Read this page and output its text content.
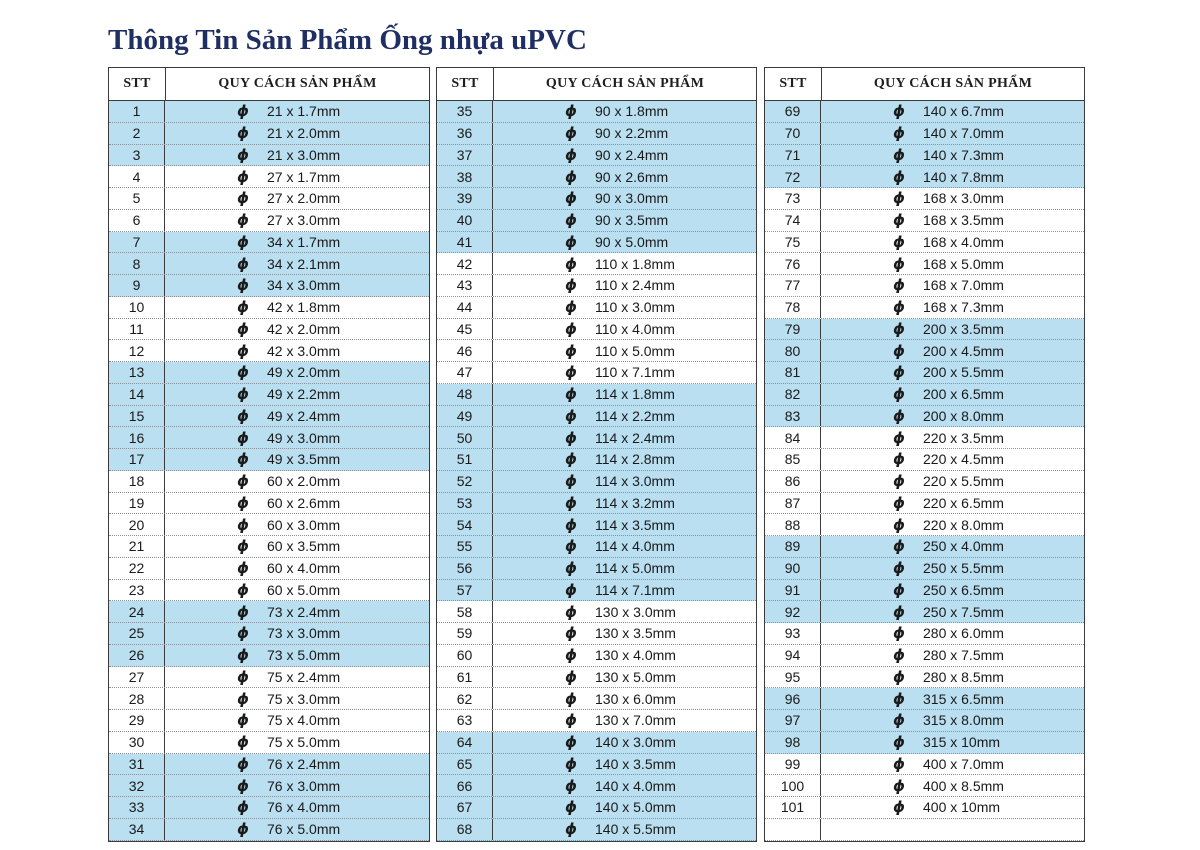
Thông Tin Sản Phẩm Ống nhựa uPVC
STT	QUY CÁCH SẢN PHẨM
1	ϕ	21 x 1.7mm
2	ϕ	21 x 2.0mm
3	ϕ	21 x 3.0mm
4	ϕ	27 x 1.7mm
5	ϕ	27 x 2.0mm
6	ϕ	27 x 3.0mm
7	ϕ	34 x 1.7mm
8	ϕ	34 x 2.1mm
9	ϕ	34 x 3.0mm
10	ϕ	42 x 1.8mm
11	ϕ	42 x 2.0mm
12	ϕ	42 x 3.0mm
13	ϕ	49 x 2.0mm
14	ϕ	49 x 2.2mm
15	ϕ	49 x 2.4mm
16	ϕ	49 x 3.0mm
17	ϕ	49 x 3.5mm
18	ϕ	60 x 2.0mm
19	ϕ	60 x 2.6mm
20	ϕ	60 x 3.0mm
21	ϕ	60 x 3.5mm
22	ϕ	60 x 4.0mm
23	ϕ	60 x 5.0mm
24	ϕ	73 x 2.4mm
25	ϕ	73 x 3.0mm
26	ϕ	73 x 5.0mm
27	ϕ	75 x 2.4mm
28	ϕ	75 x 3.0mm
29	ϕ	75 x 4.0mm
30	ϕ	75 x 5.0mm
31	ϕ	76 x 2.4mm
32	ϕ	76 x 3.0mm
33	ϕ	76 x 4.0mm
34	ϕ	76 x 5.0mm
STT	QUY CÁCH SẢN PHẨM
35	ϕ	90 x 1.8mm
36	ϕ	90 x 2.2mm
37	ϕ	90 x 2.4mm
38	ϕ	90 x 2.6mm
39	ϕ	90 x 3.0mm
40	ϕ	90 x 3.5mm
41	ϕ	90 x 5.0mm
42	ϕ	110 x 1.8mm
43	ϕ	110 x 2.4mm
44	ϕ	110 x 3.0mm
45	ϕ	110 x 4.0mm
46	ϕ	110 x 5.0mm
47	ϕ	110 x 7.1mm
48	ϕ	114 x 1.8mm
49	ϕ	114 x 2.2mm
50	ϕ	114 x 2.4mm
51	ϕ	114 x 2.8mm
52	ϕ	114 x 3.0mm
53	ϕ	114 x 3.2mm
54	ϕ	114 x 3.5mm
55	ϕ	114 x 4.0mm
56	ϕ	114 x 5.0mm
57	ϕ	114 x 7.1mm
58	ϕ	130 x 3.0mm
59	ϕ	130 x 3.5mm
60	ϕ	130 x 4.0mm
61	ϕ	130 x 5.0mm
62	ϕ	130 x 6.0mm
63	ϕ	130 x 7.0mm
64	ϕ	140 x 3.0mm
65	ϕ	140 x 3.5mm
66	ϕ	140 x 4.0mm
67	ϕ	140 x 5.0mm
68	ϕ	140 x 5.5mm
STT	QUY CÁCH SẢN PHẨM
69	ϕ	140 x 6.7mm
70	ϕ	140 x 7.0mm
71	ϕ	140 x 7.3mm
72	ϕ	140 x 7.8mm
73	ϕ	168 x 3.0mm
74	ϕ	168 x 3.5mm
75	ϕ	168 x 4.0mm
76	ϕ	168 x 5.0mm
77	ϕ	168 x 7.0mm
78	ϕ	168 x 7.3mm
79	ϕ	200 x 3.5mm
80	ϕ	200 x 4.5mm
81	ϕ	200 x 5.5mm
82	ϕ	200 x 6.5mm
83	ϕ	200 x 8.0mm
84	ϕ	220 x 3.5mm
85	ϕ	220 x 4.5mm
86	ϕ	220 x 5.5mm
87	ϕ	220 x 6.5mm
88	ϕ	220 x 8.0mm
89	ϕ	250 x 4.0mm
90	ϕ	250 x 5.5mm
91	ϕ	250 x 6.5mm
92	ϕ	250 x 7.5mm
93	ϕ	280 x 6.0mm
94	ϕ	280 x 7.5mm
95	ϕ	280 x 8.5mm
96	ϕ	315 x 6.5mm
97	ϕ	315 x 8.0mm
98	ϕ	315 x 10mm
99	ϕ	400 x 7.0mm
100	ϕ	400 x 8.5mm
101	ϕ	400 x 10mm
